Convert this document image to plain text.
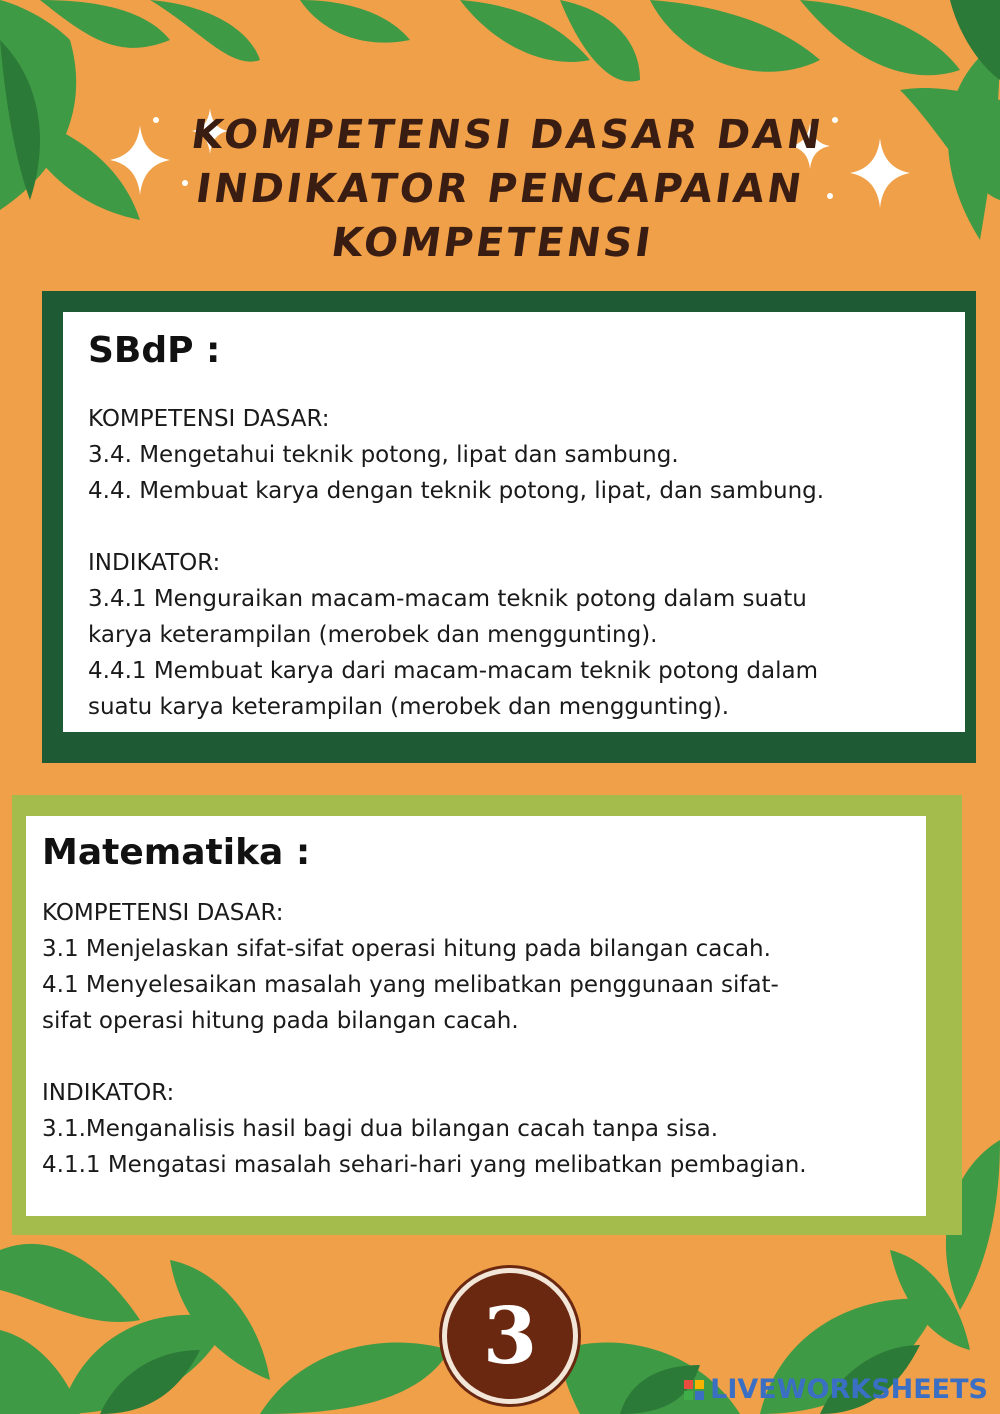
KOMPETENSI DASAR DAN
INDIKATOR PENCAPAIAN
KOMPETENSI

SBdP :

KOMPETENSI DASAR:

3.4. Mengetahui teknik potong, lipat dan sambung.

4.4. Membuat karya dengan teknik potong, lipat, dan sambung.

INDIKATOR:

3.4.1 Menguraikan macam-macam teknik potong dalam suatu

karya keterampilan (merobek dan menggunting).

4.4.1 Membuat karya dari macam-macam teknik potong dalam

suatu karya keterampilan (merobek dan menggunting).

Matematika :

KOMPETENSI DASAR:

3.1 Menjelaskan sifat-sifat operasi hitung pada bilangan cacah.

4.1 Menyelesaikan masalah yang melibatkan penggunaan sifat-

sifat operasi hitung pada bilangan cacah.

INDIKATOR:

3.1.Menganalisis hasil bagi dua bilangan cacah tanpa sisa.

4.1.1 Mengatasi masalah sehari-hari yang melibatkan pembagian.

3
LIVEWORKSHEETS
